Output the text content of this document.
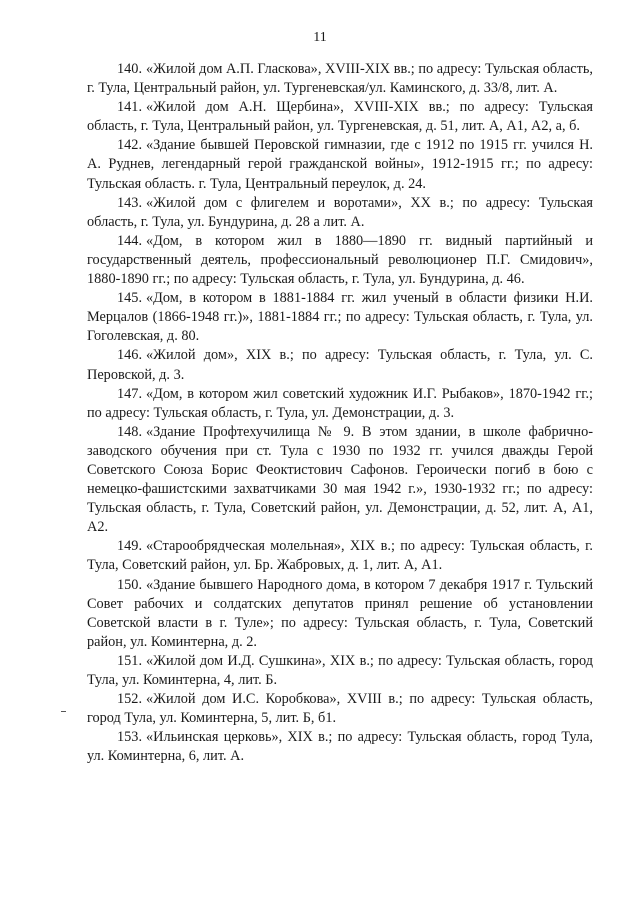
11

140. «Жилой дом А.П. Гласкова», XVIII-XIX вв.; по адресу: Тульская область, г. Тула, Центральный район, ул. Тургеневская/ул. Каминского, д. 33/8, лит. А.

141. «Жилой дом А.Н. Щербина», XVIII-XIX вв.; по адресу: Тульская область, г. Тула, Центральный район, ул. Тургеневская, д. 51, лит. А, А1, А2, а, б.

142. «Здание бывшей Перовской гимназии, где с 1912 по 1915 гг. учился Н. А. Руднев, легендарный герой гражданской войны», 1912-1915 гг.; по адресу: Тульская область. г. Тула, Центральный переулок, д. 24.

143. «Жилой дом с флигелем и воротами», XX в.; по адресу: Тульская область, г. Тула, ул. Бундурина, д. 28 а лит. А.

144. «Дом, в котором жил в 1880—1890 гг. видный партийный и государственный деятель, профессиональный революционер П.Г. Смидович», 1880-1890 гг.; по адресу: Тульская область, г. Тула, ул. Бундурина, д. 46.

145. «Дом, в котором в 1881-1884 гг. жил ученый в области физики Н.И. Мерцалов (1866-1948 гг.)», 1881-1884 гг.; по адресу: Тульская область, г. Тула, ул. Гоголевская, д. 80.

146. «Жилой дом», XIX в.; по адресу: Тульская область, г. Тула, ул. С. Перовской, д. 3.

147. «Дом, в котором жил советский художник И.Г. Рыбаков», 1870-1942 гг.; по адресу: Тульская область, г. Тула, ул. Демонстрации, д. 3.

148. «Здание Профтехучилища № 9. В этом здании, в школе фабрично-заводского обучения при ст. Тула с 1930 по 1932 гг. учился дважды Герой Советского Союза Борис Феоктистович Сафонов. Героически погиб в бою с немецко-фашистскими захватчиками 30 мая 1942 г.», 1930-1932 гг.; по адресу: Тульская область, г. Тула, Советский район, ул. Демонстрации, д. 52, лит. А, А1, А2.

149. «Старообрядческая молельная», XIX в.; по адресу: Тульская область, г. Тула, Советский район, ул. Бр. Жабровых, д. 1, лит. А, А1.

150. «Здание бывшего Народного дома, в котором 7 декабря 1917 г. Тульский Совет рабочих и солдатских депутатов принял решение об установлении Советской власти в г. Туле»; по адресу: Тульская область, г. Тула, Советский район, ул. Коминтерна, д. 2.

151. «Жилой дом И.Д. Сушкина», XIX в.; по адресу: Тульская область, город Тула, ул. Коминтерна, 4, лит. Б.

152. «Жилой дом И.С. Коробкова», XVIII в.; по адресу: Тульская область, город Тула, ул. Коминтерна, 5, лит. Б, б1.

153. «Ильинская церковь», XIX в.; по адресу: Тульская область, город Тула, ул. Коминтерна, 6, лит. А.
